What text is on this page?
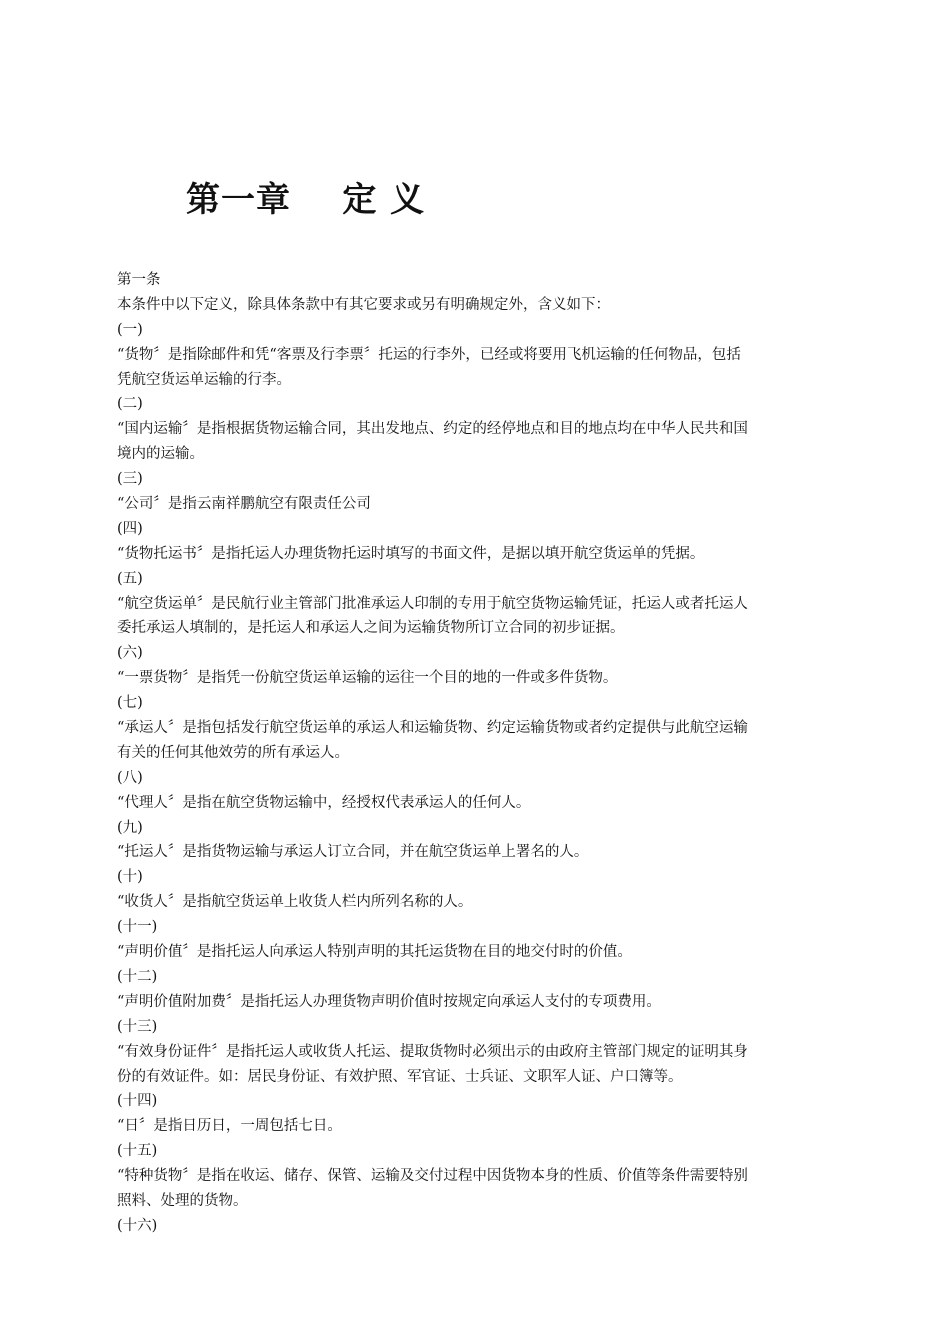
第一章    定 义
第一条
本条件中以下定义，除具体条款中有其它要求或另有明确规定外，含义如下：
(一)
“货物〞是指除邮件和凭“客票及行李票〞托运的行李外，已经或将要用飞机运输的任何物品，包括
凭航空货运单运输的行李。
(二)
“国内运输〞是指根据货物运输合同，其出发地点、约定的经停地点和目的地点均在中华人民共和国
境内的运输。
(三)
“公司〞是指云南祥鹏航空有限责任公司
(四)
“货物托运书〞是指托运人办理货物托运时填写的书面文件，是据以填开航空货运单的凭据。
(五)
“航空货运单〞是民航行业主管部门批准承运人印制的专用于航空货物运输凭证，托运人或者托运人
委托承运人填制的，是托运人和承运人之间为运输货物所订立合同的初步证据。
(六)
“一票货物〞是指凭一份航空货运单运输的运往一个目的地的一件或多件货物。
(七)
“承运人〞是指包括发行航空货运单的承运人和运输货物、约定运输货物或者约定提供与此航空运输
有关的任何其他效劳的所有承运人。
(八)
“代理人〞是指在航空货物运输中，经授权代表承运人的任何人。
(九)
“托运人〞是指货物运输与承运人订立合同，并在航空货运单上署名的人。
(十)
“收货人〞是指航空货运单上收货人栏内所列名称的人。
(十一)
“声明价值〞是指托运人向承运人特别声明的其托运货物在目的地交付时的价值。
(十二)
“声明价值附加费〞是指托运人办理货物声明价值时按规定向承运人支付的专项费用。
(十三)
“有效身份证件〞是指托运人或收货人托运、提取货物时必须出示的由政府主管部门规定的证明其身
份的有效证件。如：居民身份证、有效护照、军官证、士兵证、文职军人证、户口簿等。
(十四)
“日〞是指日历日，一周包括七日。
(十五)
“特种货物〞是指在收运、储存、保管、运输及交付过程中因货物本身的性质、价值等条件需要特别
照料、处理的货物。
(十六)
